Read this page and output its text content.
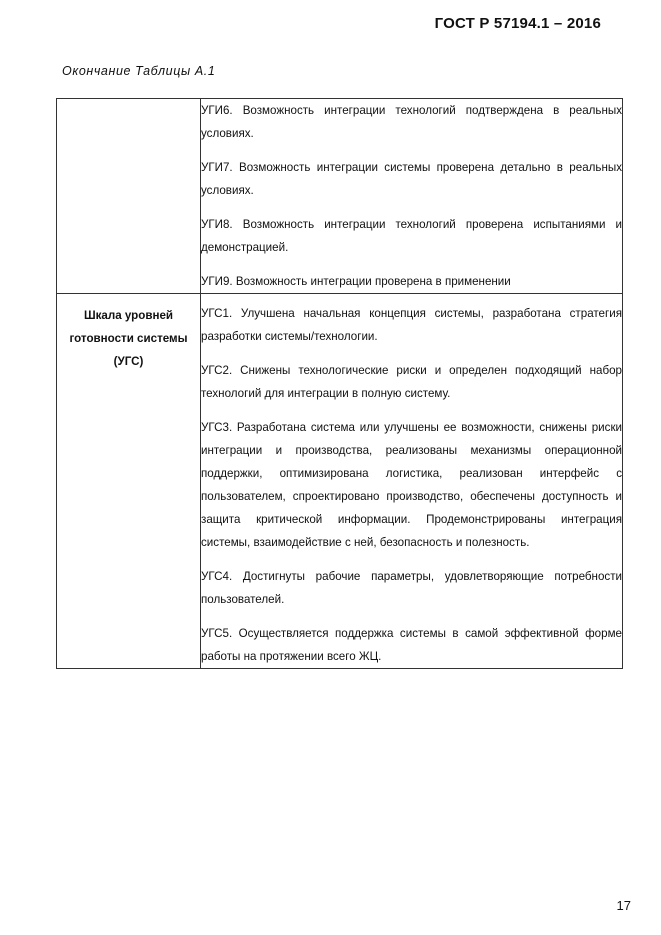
ГОСТ Р 57194.1 – 2016
Окончание Таблицы А.1

	УГИ6. Возможность интеграции технологий подтверждена в реальных условиях.

УГИ7. Возможность интеграции системы проверена детально в реальных условиях.

УГИ8. Возможность интеграции технологий проверена испытаниями и демонстрацией.

УГИ9. Возможность интеграции проверена в применении

Шкала уровней готовности системы (УГС)	УГС1. Улучшена начальная концепция системы, разработана стратегия разработки системы/технологии.

УГС2. Снижены технологические риски и определен подходящий набор технологий для интеграции в полную систему.

УГС3. Разработана система или улучшены ее возможности, снижены риски интеграции и производства, реализованы механизмы операционной поддержки, оптимизирована логистика, реализован интерфейс с пользователем, спроектировано производство, обеспечены доступность и защита критической информации. Продемонстрированы интеграция системы, взаимодействие с ней, безопасность и полезность.

УГС4. Достигнуты рабочие параметры, удовлетворяющие потребности пользователей.

УГС5. Осуществляется поддержка системы в самой эффективной форме работы на протяжении всего ЖЦ.

17
